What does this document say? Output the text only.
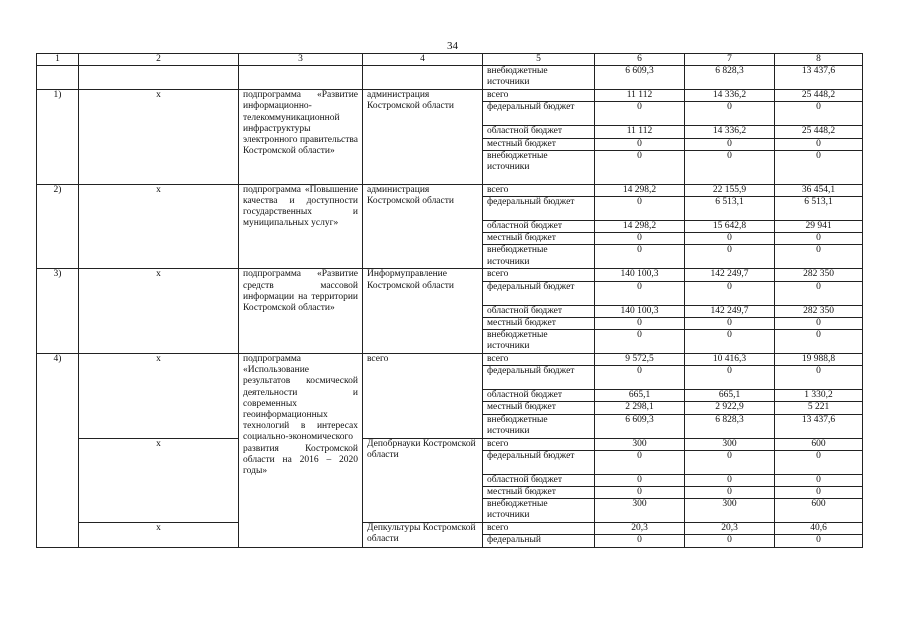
34
1	2	3	4	5	6	7	8
				внебюджетные источники	6 609,3	6 828,3	13 437,6
1)	х	подпрограмма «Развитие информационно-телекоммуникационной инфраструктуры электронного правительства Костромской области»	администрация Костромской области	всего	11 112	14 336,2	25 448,2
				федеральный бюджет	0	0	0
				областной бюджет	11 112	14 336,2	25 448,2
				местный бюджет	0	0	0
				внебюджетные источники	0	0	0
2)	х	подпрограмма «Повышение качества и доступности государственных и муниципальных услуг»	администрация Костромской области	всего	14 298,2	22 155,9	36 454,1
				федеральный бюджет	0	6 513,1	6 513,1
				областной бюджет	14 298,2	15 642,8	29 941
				местный бюджет	0	0	0
				внебюджетные источники	0	0	0
3)	х	подпрограмма «Развитие средств массовой информации на территории Костромской области»	Информуправление Костромской области	всего	140 100,3	142 249,7	282 350
				федеральный бюджет	0	0	0
				областной бюджет	140 100,3	142 249,7	282 350
				местный бюджет	0	0	0
				внебюджетные источники	0	0	0
4)	х	подпрограмма «Использование результатов космической деятельности и современных геоинформационных технологий в интересах социально-экономического развития Костромской области на 2016 – 2020 годы»	всего	всего	9 572,5	10 416,3	19 988,8
				федеральный бюджет	0	0	0
				областной бюджет	665,1	665,1	1 330,2
				местный бюджет	2 298,1	2 922,9	5 221
				внебюджетные источники	6 609,3	6 828,3	13 437,6
	х		Депобрнауки Костромской области	всего	300	300	600
				федеральный бюджет	0	0	0
				областной бюджет	0	0	0
				местный бюджет	0	0	0
				внебюджетные источники	300	300	600
	х		Депкультуры Костромской области	всего	20,3	20,3	40,6
				федеральный	0	0	0
